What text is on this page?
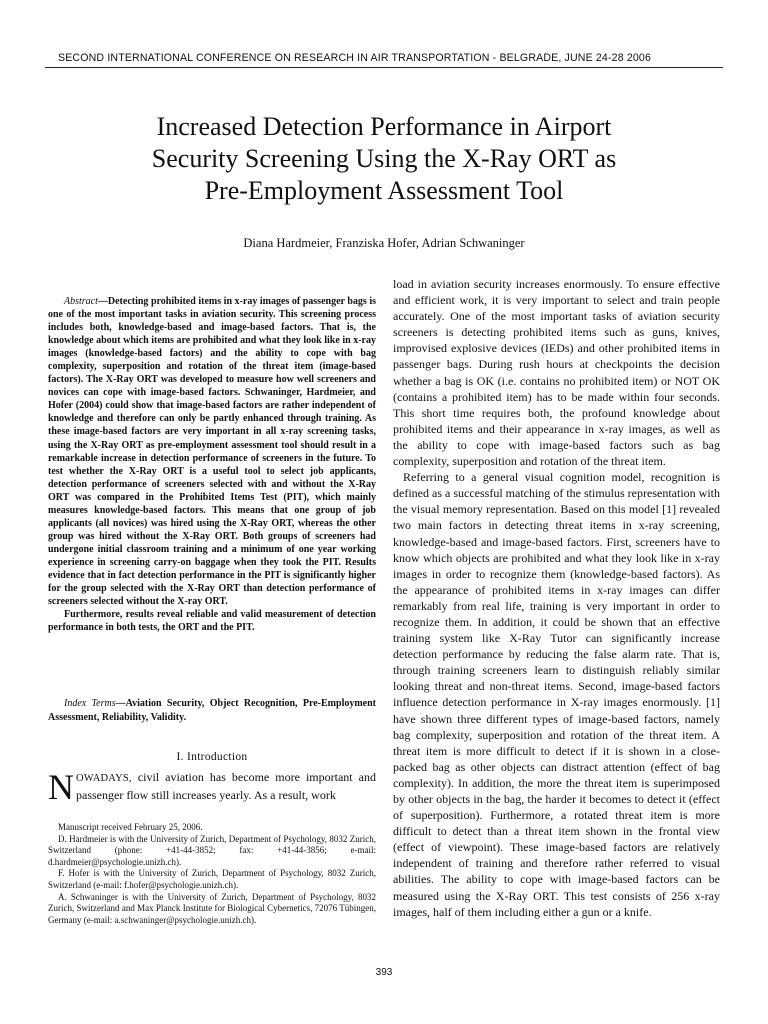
SECOND INTERNATIONAL CONFERENCE ON RESEARCH IN AIR TRANSPORTATION - BELGRADE, JUNE 24-28 2006
Increased Detection Performance in Airport
Security Screening Using the X-Ray ORT as
Pre-Employment Assessment Tool
Diana Hardmeier, Franziska Hofer, Adrian Schwaninger

Abstract—Detecting prohibited items in x-ray images of passenger bags is one of the most important tasks in aviation security. This screening process includes both, knowledge-based and image-based factors. That is, the knowledge about which items are prohibited and what they look like in x-ray images (knowledge-based factors) and the ability to cope with bag complexity, superposition and rotation of the threat item (image-based factors). The X-Ray ORT was developed to measure how well screeners and novices can cope with image-based factors. Schwaninger, Hardmeier, and Hofer (2004) could show that image-based factors are rather independent of knowledge and therefore can only be partly enhanced through training. As these image-based factors are very important in all x-ray screening tasks, using the X-Ray ORT as pre-employment assessment tool should result in a remarkable increase in detection performance of screeners in the future. To test whether the X-Ray ORT is a useful tool to select job applicants, detection performance of screeners selected with and without the X-Ray ORT was compared in the Prohibited Items Test (PIT), which mainly measures knowledge-based factors. This means that one group of job applicants (all novices) was hired using the X-Ray ORT, whereas the other group was hired without the X-Ray ORT. Both groups of screeners had undergone initial classroom training and a minimum of one year working experience in screening carry-on baggage when they took the PIT. Results evidence that in fact detection performance in the PIT is significantly higher for the group selected with the X-Ray ORT than detection performance of screeners selected without the X-ray ORT.

Furthermore, results reveal reliable and valid measurement of detection performance in both tests, the ORT and the PIT.

Index Terms—Aviation Security, Object Recognition, Pre-Employment Assessment, Reliability, Validity.

I. Introduction

NOWADAYS, civil aviation has become more important and passenger flow still increases yearly. As a result, work

Manuscript received February 25, 2006.

D. Hardmeier is with the University of Zurich, Department of Psychology, 8032 Zurich, Switzerland (phone: +41-44-3852; fax: +41-44-3856; e-mail: d.hardmeier@psychologie.unizh.ch).

F. Hofer is with the University of Zurich, Department of Psychology, 8032 Zurich, Switzerland (e-mail: f.hofer@psychologie.unizh.ch).

A. Schwaninger is with the University of Zurich, Department of Psychology, 8032 Zurich, Switzerland and Max Planck Institute for Biological Cybernetics, 72076 Tübingen, Germany (e-mail: a.schwaninger@psychologie.unizh.ch).

load in aviation security increases enormously. To ensure effective and efficient work, it is very important to select and train people accurately. One of the most important tasks of aviation security screeners is detecting prohibited items such as guns, knives, improvised explosive devices (IEDs) and other prohibited items in passenger bags. During rush hours at checkpoints the decision whether a bag is OK (i.e. contains no prohibited item) or NOT OK (contains a prohibited item) has to be made within four seconds. This short time requires both, the profound knowledge about prohibited items and their appearance in x-ray images, as well as the ability to cope with image-based factors such as bag complexity, superposition and rotation of the threat item.

Referring to a general visual cognition model, recognition is defined as a successful matching of the stimulus representation with the visual memory representation. Based on this model [1] revealed two main factors in detecting threat items in x-ray screening, knowledge-based and image-based factors. First, screeners have to know which objects are prohibited and what they look like in x-ray images in order to recognize them (knowledge-based factors). As the appearance of prohibited items in x-ray images can differ remarkably from real life, training is very important in order to recognize them. In addition, it could be shown that an effective training system like X-Ray Tutor can significantly increase detection performance by reducing the false alarm rate. That is, through training screeners learn to distinguish reliably similar looking threat and non-threat items. Second, image-based factors influence detection performance in X-ray images enormously. [1] have shown three different types of image-based factors, namely bag complexity, superposition and rotation of the threat item. A threat item is more difficult to detect if it is shown in a close-packed bag as other objects can distract attention (effect of bag complexity). In addition, the more the threat item is superimposed by other objects in the bag, the harder it becomes to detect it (effect of superposition). Furthermore, a rotated threat item is more difficult to detect than a threat item shown in the frontal view (effect of viewpoint). These image-based factors are relatively independent of training and therefore rather referred to visual abilities. The ability to cope with image-based factors can be measured using the X-Ray ORT. This test consists of 256 x-ray images, half of them including either a gun or a knife.

393
